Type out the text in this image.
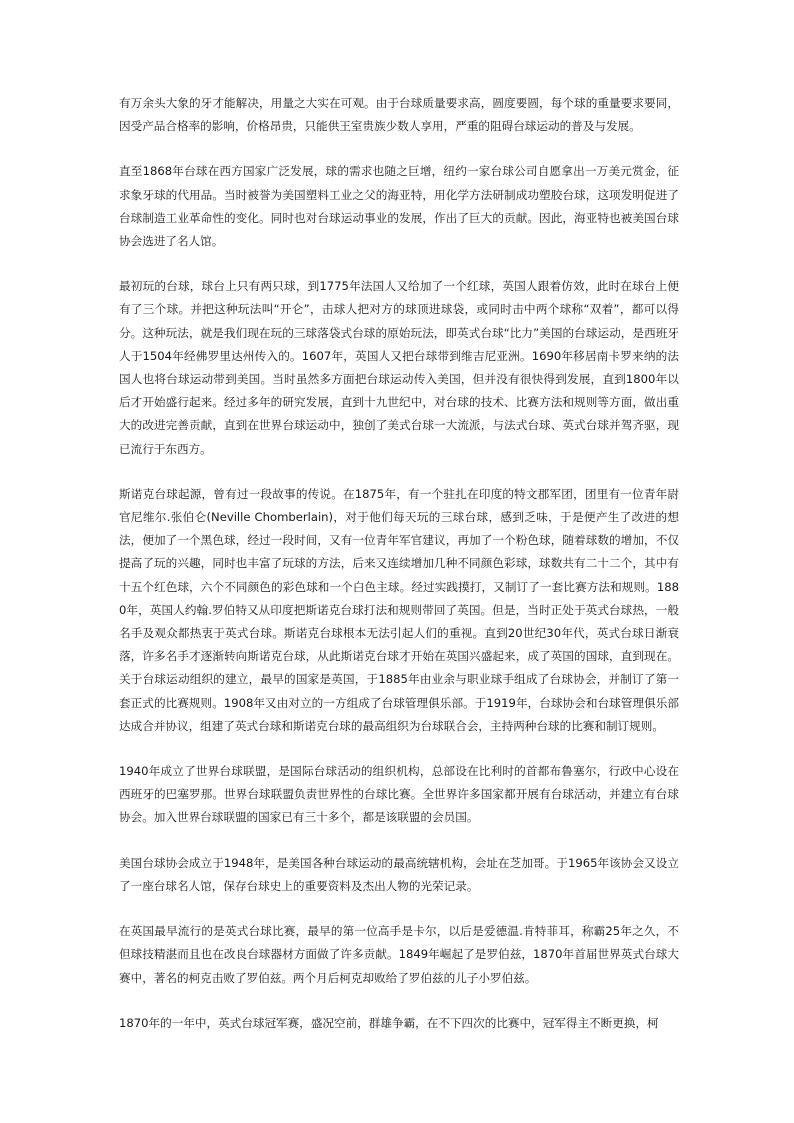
有万余头大象的牙才能解决，用量之大实在可观。由于台球质量要求高，圆度要圆，每个球的重量要求要同，因受产品合格率的影响，价格昂贵，只能供王室贵族少数人享用，严重的阻碍台球运动的普及与发展。

直至1868年台球在西方国家广泛发展，球的需求也随之巨增，纽约一家台球公司自愿拿出一万美元赏金，征求象牙球的代用品。当时被誉为美国塑料工业之父的海亚特，用化学方法研制成功塑胶台球，这项发明促进了台球制造工业革命性的变化。同时也对台球运动事业的发展，作出了巨大的贡献。因此，海亚特也被美国台球协会选进了名人馆。

最初玩的台球，球台上只有两只球，到1775年法国人又给加了一个红球，英国人跟着仿效，此时在球台上便有了三个球。并把这种玩法叫“开仑”，击球人把对方的球顶进球袋，或同时击中两个球称“双着”，都可以得分。这种玩法，就是我们现在玩的三球落袋式台球的原始玩法，即英式台球“比力”美国的台球运动，是西班牙人于1504年经佛罗里达州传入的。1607年，英国人又把台球带到维吉尼亚洲。1690年移居南卡罗来纳的法国人也将台球运动带到美国。当时虽然多方面把台球运动传入美国，但并没有很快得到发展，直到1800年以后才开始盛行起来。经过多年的研究发展，直到十九世纪中，对台球的技术、比赛方法和规则等方面，做出重大的改进完善贡献，直到在世界台球运动中，独创了美式台球一大流派，与法式台球、英式台球并驾齐驱，现已流行于东西方。

斯诺克台球起源，曾有过一段故事的传说。在1875年，有一个驻扎在印度的特文郡军团，团里有一位青年尉官尼维尔.张伯仑(Neville Chomberlain)，对于他们每天玩的三球台球，感到乏味，于是便产生了改进的想法，便加了一个黑色球，经过一段时间，又有一位青年军官建议，再加了一个粉色球，随着球数的增加，不仅提高了玩的兴趣，同时也丰富了玩球的方法，后来又连续增加几种不同颜色彩球，球数共有二十二个，其中有十五个红色球，六个不同颜色的彩色球和一个白色主球。经过实践摸打，又制订了一套比赛方法和规则。1880年，英国人约翰.罗伯特又从印度把斯诺克台球打法和规则带回了英国。但是，当时正处于英式台球热，一般名手及观众都热衷于英式台球。斯诺克台球根本无法引起人们的重视。直到20世纪30年代，英式台球日渐衰落，许多名手才逐渐转向斯诺克台球，从此斯诺克台球才开始在英国兴盛起来，成了英国的国球，直到现在。关于台球运动组织的建立，最早的国家是英国，于1885年由业余与职业球手组成了台球协会，并制订了第一套正式的比赛规则。1908年又由对立的一方组成了台球管理俱乐部。于1919年，台球协会和台球管理俱乐部达成合并协议，组建了英式台球和斯诺克台球的最高组织为台球联合会，主持两种台球的比赛和制订规则。

1940年成立了世界台球联盟，是国际台球活动的组织机构，总部设在比利时的首都布鲁塞尔，行政中心设在西班牙的巴塞罗那。世界台球联盟负责世界性的台球比赛。全世界许多国家都开展有台球活动，并建立有台球协会。加入世界台球联盟的国家已有三十多个，都是该联盟的会员国。

美国台球协会成立于1948年，是美国各种台球运动的最高统辖机构，会址在芝加哥。于1965年该协会又设立了一座台球名人馆，保存台球史上的重要资料及杰出人物的光荣记录。

在英国最早流行的是英式台球比赛，最早的第一位高手是卡尔，以后是爱德温.肯特菲耳，称霸25年之久，不但球技精湛而且也在改良台球器材方面做了许多贡献。1849年崛起了是罗伯兹，1870年首届世界英式台球大赛中，著名的柯克击败了罗伯兹。两个月后柯克却败给了罗伯兹的儿子小罗伯兹。

1870年的一年中，英式台球冠军赛，盛况空前，群雄争霸，在不下四次的比赛中，冠军得主不断更换，柯
